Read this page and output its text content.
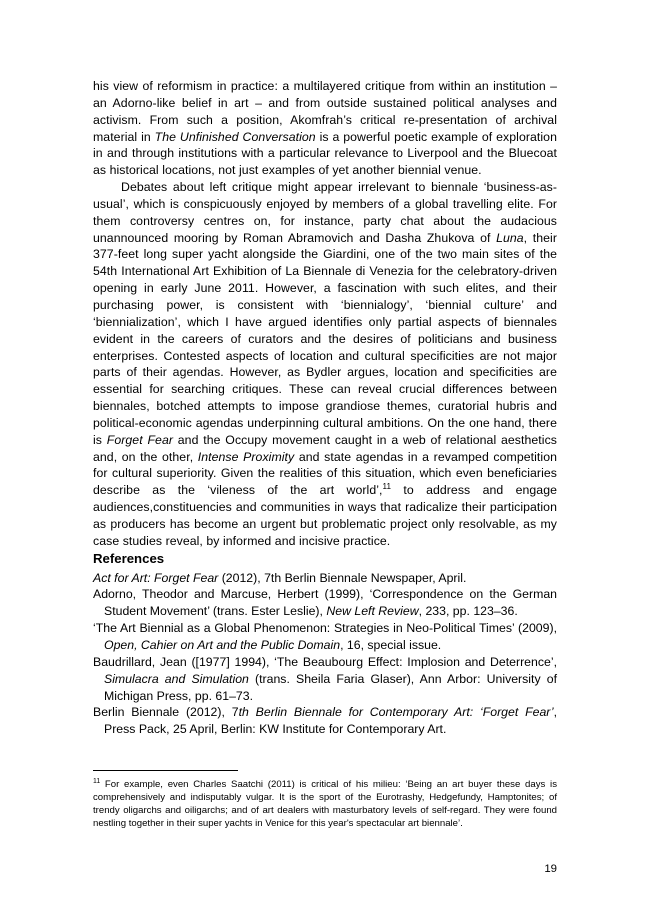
his view of reformism in practice: a multilayered critique from within an institution – an Adorno-like belief in art – and from outside sustained political analyses and activism. From such a position, Akomfrah’s critical re-presentation of archival material in The Unfinished Conversation is a powerful poetic example of exploration in and through institutions with a particular relevance to Liverpool and the Bluecoat as historical locations, not just examples of yet another biennial venue.

Debates about left critique might appear irrelevant to biennale ‘business-as-usual’, which is conspicuously enjoyed by members of a global travelling elite. For them controversy centres on, for instance, party chat about the audacious unannounced mooring by Roman Abramovich and Dasha Zhukova of Luna, their 377-feet long super yacht alongside the Giardini, one of the two main sites of the 54th International Art Exhibition of La Biennale di Venezia for the celebratory-driven opening in early June 2011. However, a fascination with such elites, and their purchasing power, is consistent with ‘biennialogy’, ‘biennial culture’ and ‘biennialization’, which I have argued identifies only partial aspects of biennales evident in the careers of curators and the desires of politicians and business enterprises. Contested aspects of location and cultural specificities are not major parts of their agendas. However, as Bydler argues, location and specificities are essential for searching critiques. These can reveal crucial differences between biennales, botched attempts to impose grandiose themes, curatorial hubris and political-economic agendas underpinning cultural ambitions. On the one hand, there is Forget Fear and the Occupy movement caught in a web of relational aesthetics and, on the other, Intense Proximity and state agendas in a revamped competition for cultural superiority. Given the realities of this situation, which even beneficiaries describe as the ‘vileness of the art world’,$^{11}$ to address and engage audiences,constituencies and communities in ways that radicalize their participation as producers has become an urgent but problematic project only resolvable, as my case studies reveal, by informed and incisive practice.

References

Act for Art: Forget Fear (2012), 7th Berlin Biennale Newspaper, April.

Adorno, Theodor and Marcuse, Herbert (1999), ‘Correspondence on the German Student Movement’ (trans. Ester Leslie), New Left Review, 233, pp. 123–36.

‘The Art Biennial as a Global Phenomenon: Strategies in Neo-Political Times’ (2009), Open, Cahier on Art and the Public Domain, 16, special issue.

Baudrillard, Jean ([1977] 1994), ‘The Beaubourg Effect: Implosion and Deterrence’, Simulacra and Simulation (trans. Sheila Faria Glaser), Ann Arbor: University of Michigan Press, pp. 61–73.

Berlin Biennale (2012), 7th Berlin Biennale for Contemporary Art: ‘Forget Fear’, Press Pack, 25 April, Berlin: KW Institute for Contemporary Art.

$^{11}$ For example, even Charles Saatchi (2011) is critical of his milieu: ‘Being an art buyer these days is comprehensively and indisputably vulgar. It is the sport of the Eurotrashy, Hedgefundy, Hamptonites; of trendy oligarchs and oiligarchs; and of art dealers with masturbatory levels of self-regard. They were found nestling together in their super yachts in Venice for this year's spectacular art biennale’.

19
